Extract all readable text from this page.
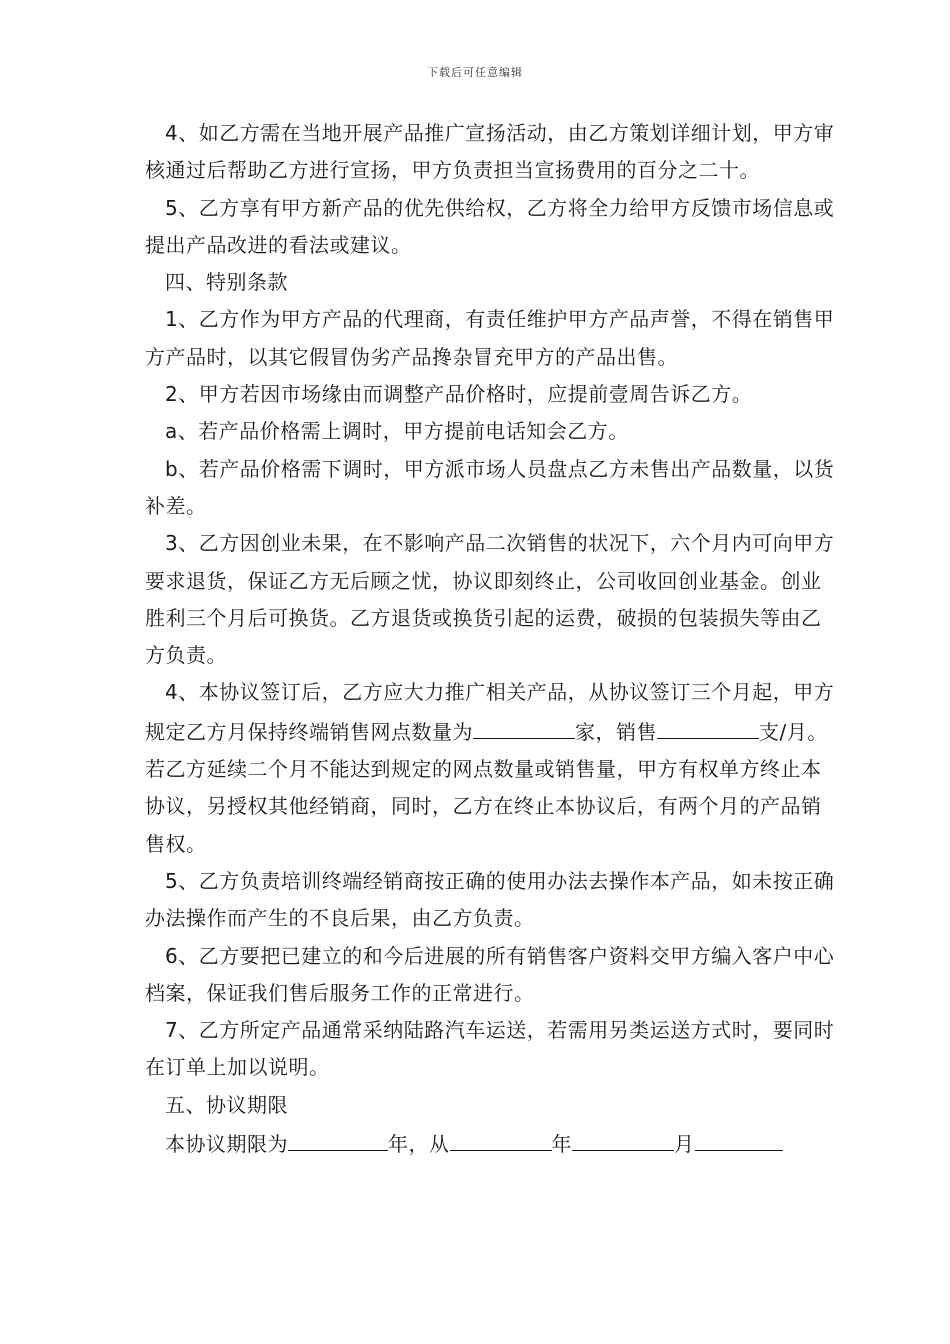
下载后可任意编辑

4、如乙方需在当地开展产品推广宣扬活动，由乙方策划详细计划，甲方审核通过后帮助乙方进行宣扬，甲方负责担当宣扬费用的百分之二十。

5、乙方享有甲方新产品的优先供给权，乙方将全力给甲方反馈市场信息或提出产品改进的看法或建议。

四、特别条款

1、乙方作为甲方产品的代理商，有责任维护甲方产品声誉，不得在销售甲方产品时，以其它假冒伪劣产品搀杂冒充甲方的产品出售。

2、甲方若因市场缘由而调整产品价格时，应提前壹周告诉乙方。

a、若产品价格需上调时，甲方提前电话知会乙方。

b、若产品价格需下调时，甲方派市场人员盘点乙方未售出产品数量，以货补差。

3、乙方因创业未果，在不影响产品二次销售的状况下，六个月内可向甲方要求退货，保证乙方无后顾之忧，协议即刻终止，公司收回创业基金。创业胜利三个月后可换货。乙方退货或换货引起的运费，破损的包装损失等由乙方负责。

4、本协议签订后，乙方应大力推广相关产品，从协议签订三个月起，甲方规定乙方月保持终端销售网点数量为	家，销售	支/月。若乙方延续二个月不能达到规定的网点数量或销售量，甲方有权单方终止本协议，另授权其他经销商，同时，乙方在终止本协议后，有两个月的产品销售权。

5、乙方负责培训终端经销商按正确的使用办法去操作本产品，如未按正确办法操作而产生的不良后果，由乙方负责。

6、乙方要把已建立的和今后进展的所有销售客户资料交甲方编入客户中心档案，保证我们售后服务工作的正常进行。

7、乙方所定产品通常采纳陆路汽车运送，若需用另类运送方式时，要同时在订单上加以说明。

五、协议期限

本协议期限为	年，从	年	月
